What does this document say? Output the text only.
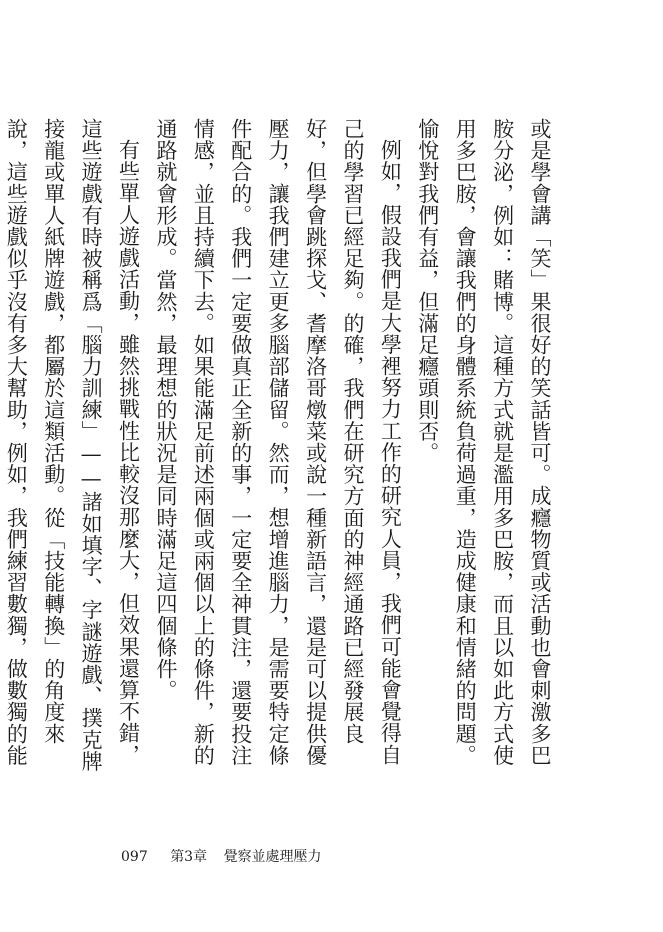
或是學會講「笑」果很好的笑話皆可。成癮物質或活動也會刺激多巴胺分泌，例如：賭博。這種方式就是濫用多巴胺，而且以如此方式使用多巴胺，會讓我們的身體系統負荷過重，造成健康和情緒的問題。愉悅對我們有益，但滿足癮頭則否。

例如，假設我們是大學裡努力工作的研究人員，我們可能會覺得自己的學習已經足夠。的確，我們在研究方面的神經通路已經發展良好，但學會跳探戈、耆摩洛哥燉菜或說一種新語言，還是可以提供優壓力，讓我們建立更多腦部儲留。然而，想增進腦力，是需要特定條件配合的。我們一定要做真正全新的事，一定要全神貫注，還要投注情感，並且持續下去。如果能滿足前述兩個或兩個以上的條件，新的通路就會形成。當然，最理想的狀況是同時滿足這四個條件。

有些單人遊戲活動，雖然挑戰性比較沒那麼大，但效果還算不錯，這些遊戲有時被稱爲「腦力訓練」——諸如填字、字謎遊戲、撲克牌接龍或單人紙牌遊戲，都屬於這類活動。從「技能轉換」的角度來說，這些遊戲似乎沒有多大幫助，例如，我們練習數獨，做數獨的能

097 第3章 覺察並處理壓力
